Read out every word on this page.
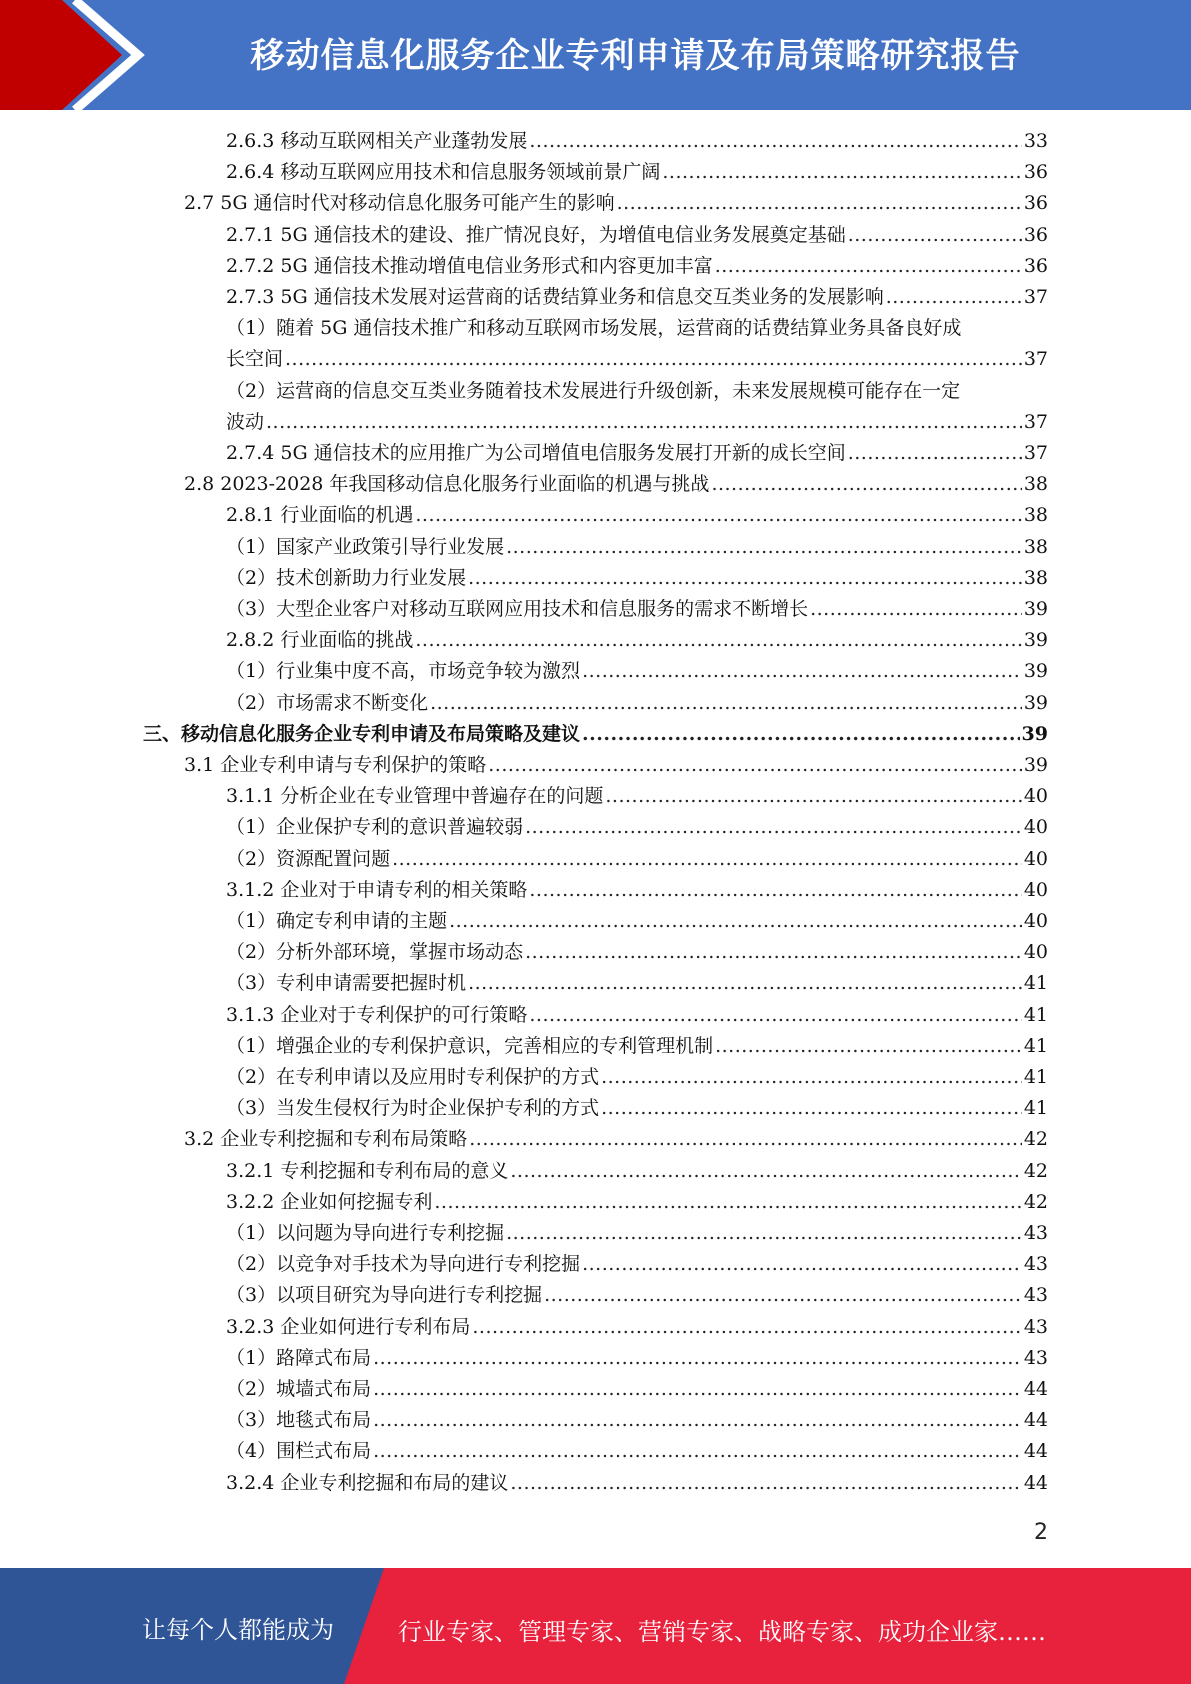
移动信息化服务企业专利申请及布局策略研究报告
2.6.3 移动互联网相关产业蓬勃发展 .....	33
2.6.4 移动互联网应用技术和信息服务领域前景广阔 .....	36
2.7 5G 通信时代对移动信息化服务可能产生的影响 .....	36
2.7.1 5G 通信技术的建设、推广情况良好，为增值电信业务发展奠定基础 .....	36
2.7.2 5G 通信技术推动增值电信业务形式和内容更加丰富 .....	36
2.7.3 5G 通信技术发展对运营商的话费结算业务和信息交互类业务的发展影响 .....	37
（1）随着 5G 通信技术推广和移动互联网市场发展，运营商的话费结算业务具备良好成
长空间 .....	37
（2）运营商的信息交互类业务随着技术发展进行升级创新，未来发展规模可能存在一定
波动 .....	37
2.7.4 5G 通信技术的应用推广为公司增值电信服务发展打开新的成长空间 .....	37
2.8 2023-2028 年我国移动信息化服务行业面临的机遇与挑战 .....	38
2.8.1 行业面临的机遇 .....	38
（1）国家产业政策引导行业发展 .....	38
（2）技术创新助力行业发展 .....	38
（3）大型企业客户对移动互联网应用技术和信息服务的需求不断增长 .....	39
2.8.2 行业面临的挑战 .....	39
（1）行业集中度不高，市场竞争较为激烈 .....	39
（2）市场需求不断变化 .....	39
三、移动信息化服务企业专利申请及布局策略及建议 .....	39
3.1 企业专利申请与专利保护的策略 .....	39
3.1.1 分析企业在专业管理中普遍存在的问题 .....	40
（1）企业保护专利的意识普遍较弱 .....	40
（2）资源配置问题 .....	40
3.1.2 企业对于申请专利的相关策略 .....	40
（1）确定专利申请的主题 .....	40
（2）分析外部环境，掌握市场动态 .....	40
（3）专利申请需要把握时机 .....	41
3.1.3 企业对于专利保护的可行策略 .....	41
（1）增强企业的专利保护意识，完善相应的专利管理机制 .....	41
（2）在专利申请以及应用时专利保护的方式 .....	41
（3）当发生侵权行为时企业保护专利的方式 .....	41
3.2 企业专利挖掘和专利布局策略 .....	42
3.2.1 专利挖掘和专利布局的意义 .....	42
3.2.2 企业如何挖掘专利 .....	42
（1）以问题为导向进行专利挖掘 .....	43
（2）以竞争对手技术为导向进行专利挖掘 .....	43
（3）以项目研究为导向进行专利挖掘 .....	43
3.2.3 企业如何进行专利布局 .....	43
（1）路障式布局 .....	43
（2）城墙式布局 .....	44
（3）地毯式布局 .....	44
（4）围栏式布局 .....	44
3.2.4 企业专利挖掘和布局的建议 .....	44
2
让每个人都能成为	行业专家、管理专家、营销专家、战略专家、成功企业家……
